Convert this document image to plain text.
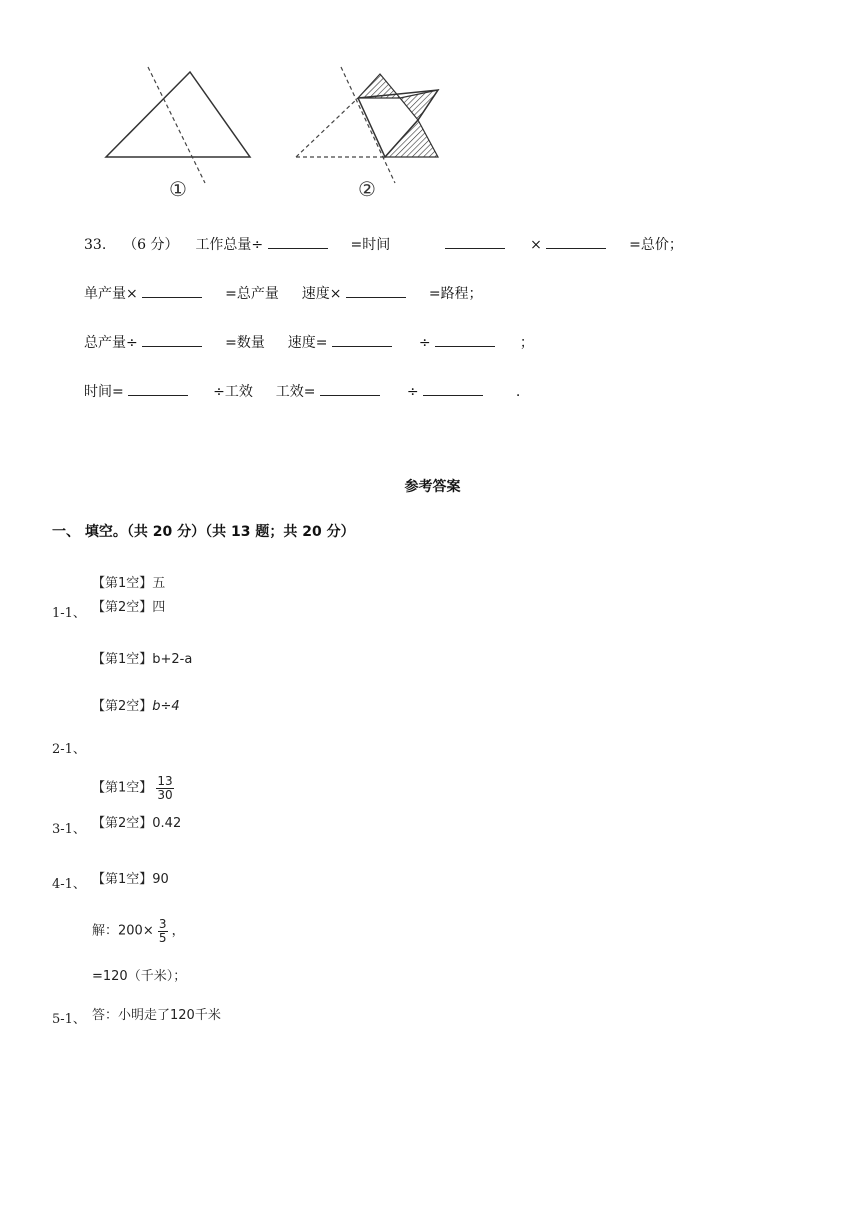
①	②
33. （6 分） 工作总量÷	=时间	×	=总价；
单产量×	=总产量 速度×	=路程；
总产量÷	=数量 速度=	÷	；
时间=	÷工效 工效=	÷	.
参考答案
一、 填空。（共 20 分）（共 13 题；共 20 分）
【第1空】五
【第2空】四
1-1、
【第1空】b+2-a
【第2空】b÷4
2-1、
【第1空】 $\frac{13}{30}$
【第2空】0.42
3-1、
【第1空】90
4-1、
解：$200\times \frac{3}{5}$ ，
=120（千米）；
答：小明走了120千米
5-1、
